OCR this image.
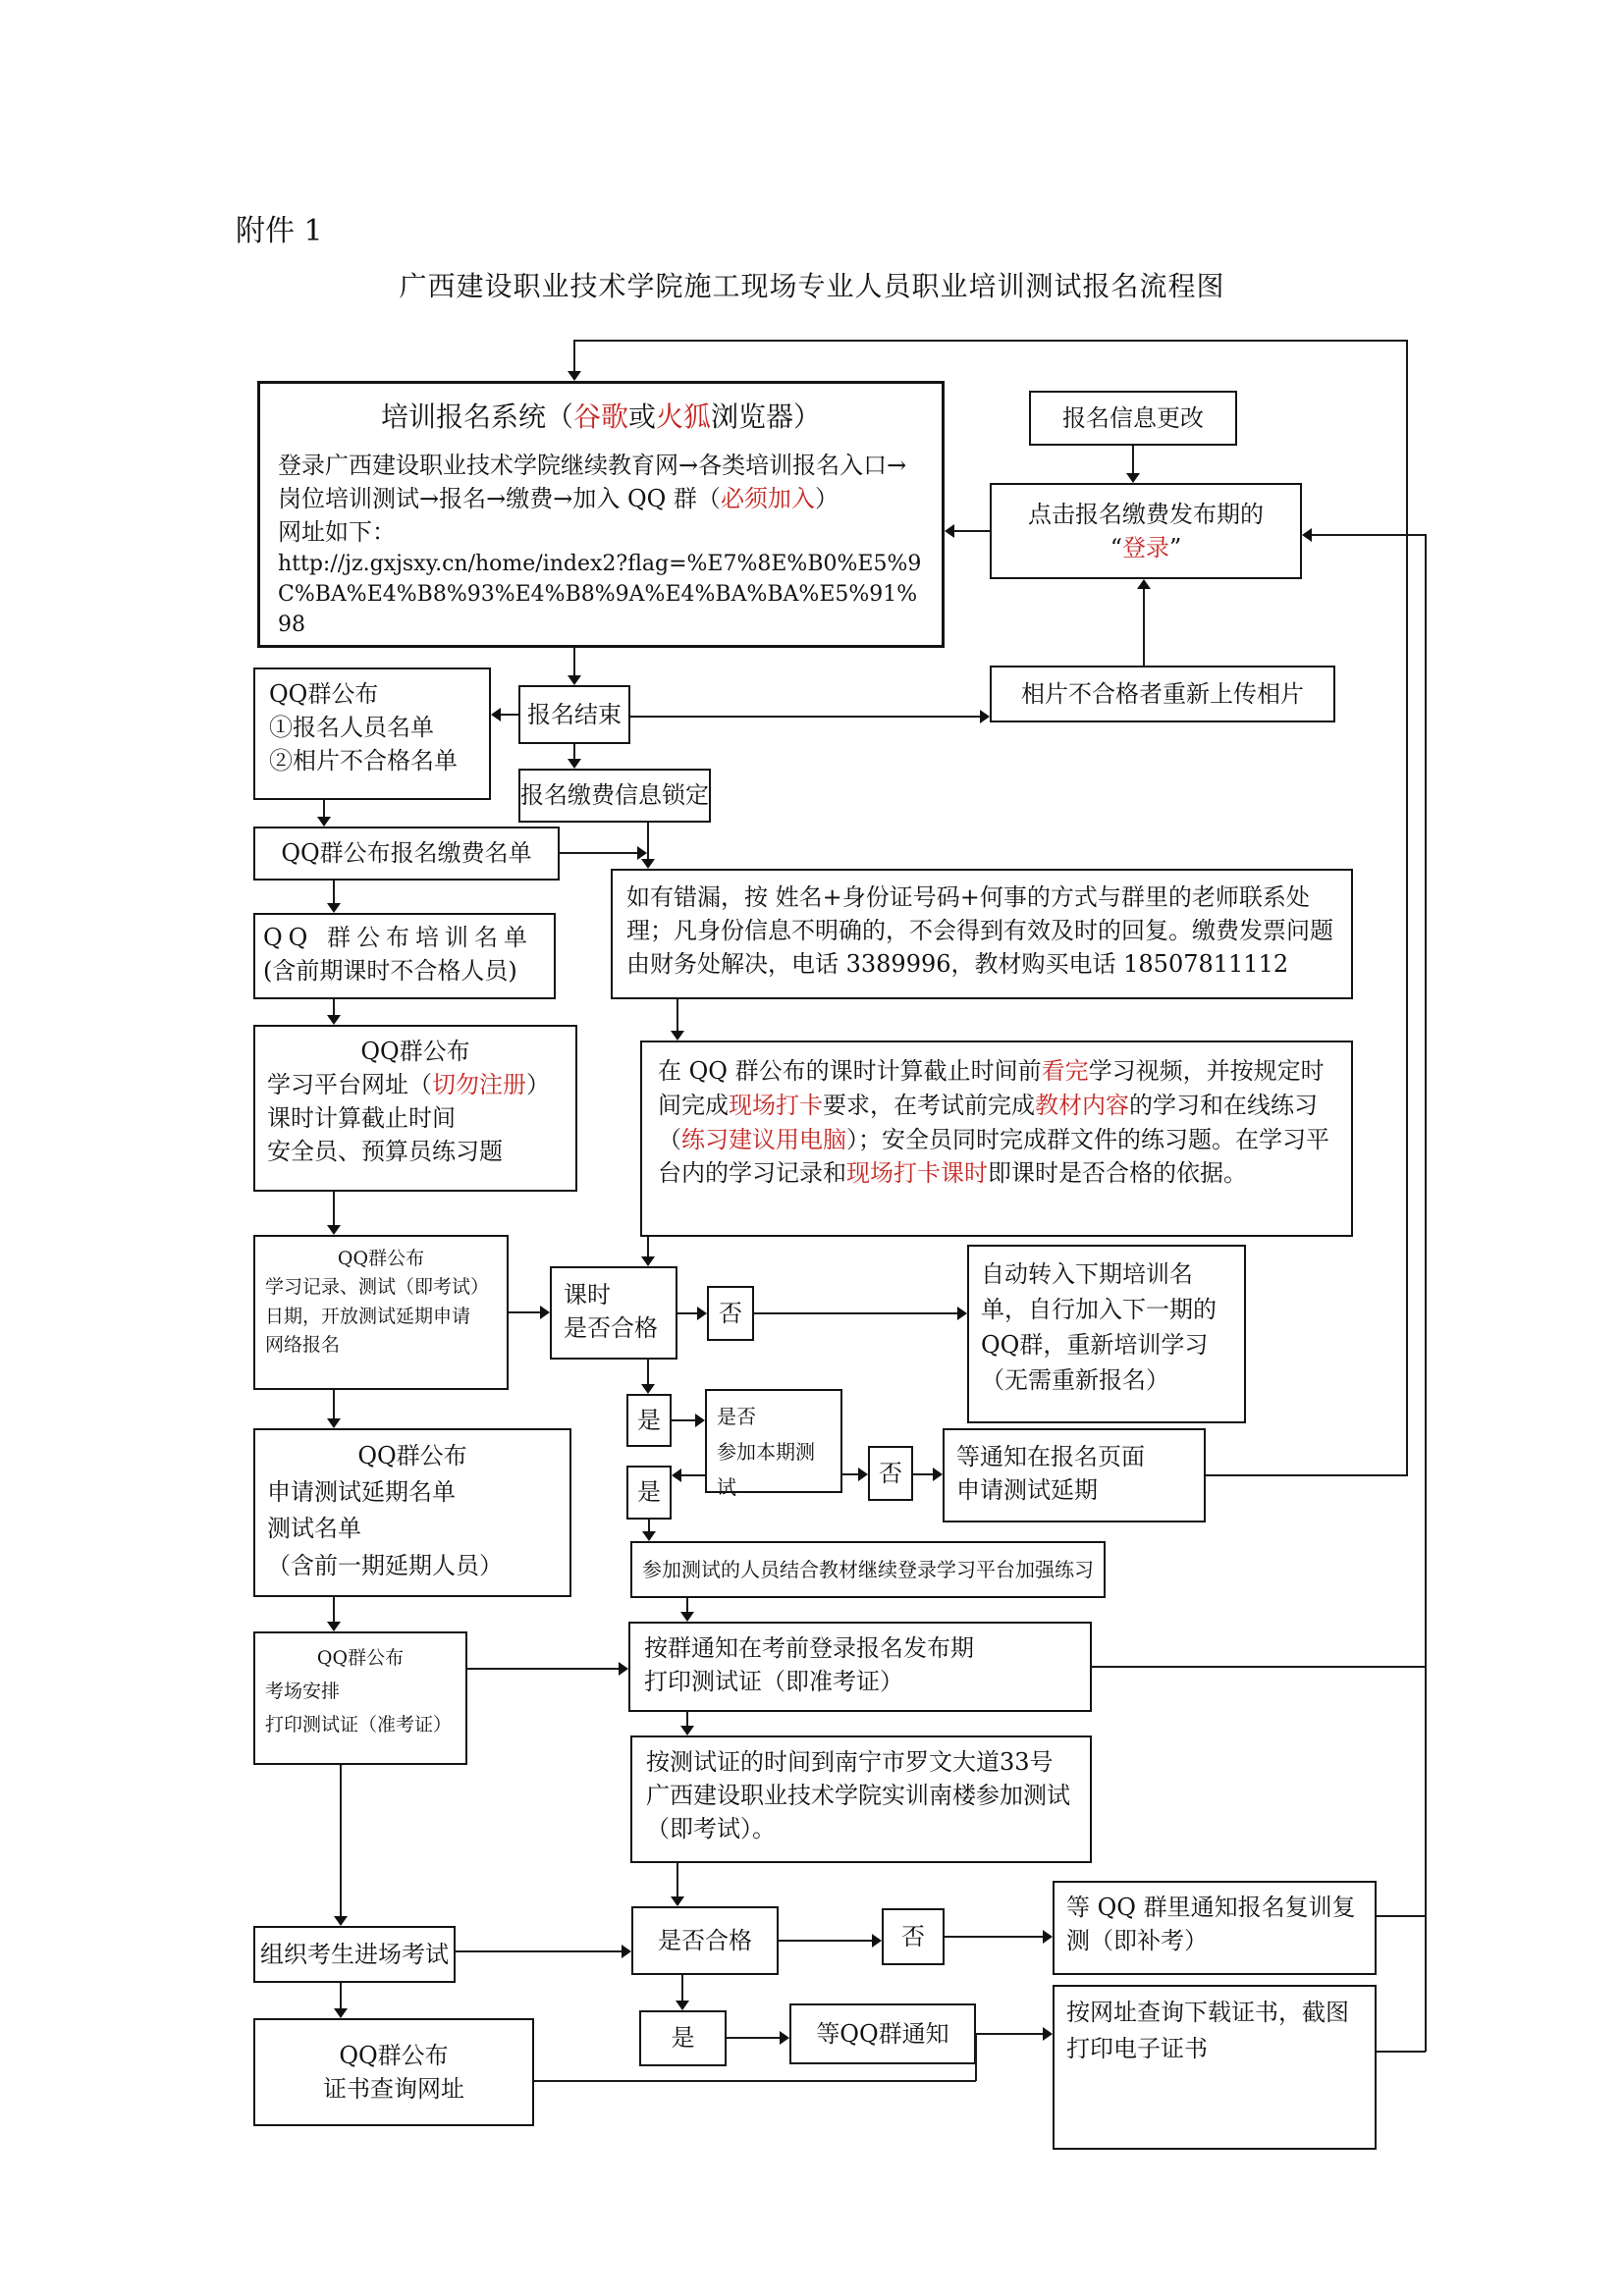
附件 1
广西建设职业技术学院施工现场专业人员职业培训测试报名流程图
培训报名系统（谷歌或火狐浏览器）
登录广西建设职业技术学院继续教育网→各类培训报名入口→岗位培训测试→报名→缴费→加入 QQ 群（必须加入）
网址如下：
http://jz.gxjsxy.cn/home/index2?flag=%E7%8E%B0%E5%9C%BA%E4%B8%93%E4%B8%9A%E4%BA%BA%E5%91%98
报名信息更改
点击报名缴费发布期的
“登录”
相片不合格者重新上传相片
QQ群公布
①报名人员名单
②相片不合格名单
报名结束
报名缴费信息锁定
QQ群公布报名缴费名单
QQ 群公布培训名单
(含前期课时不合格人员)
如有错漏，按 姓名+身份证号码+何事的方式与群里的老师联系处理；凡身份信息不明确的，不会得到有效及时的回复。缴费发票问题由财务处解决，电话 3389996，教材购买电话 18507811112
QQ群公布
学习平台网址（切勿注册）
课时计算截止时间
安全员、预算员练习题
在 QQ 群公布的课时计算截止时间前看完学习视频，并按规定时间完成现场打卡要求，在考试前完成教材内容的学习和在线练习（练习建议用电脑）；安全员同时完成群文件的练习题。在学习平台内的学习记录和现场打卡课时即课时是否合格的依据。
QQ群公布
学习记录、测试（即考试）
日期，开放测试延期申请
网络报名
课时
是否合格
否
自动转入下期培训名单，自行加入下一期的QQ群，重新培训学习（无需重新报名）
是	是否
参加本期测试
否
等通知在报名页面
申请测试延期
是
参加测试的人员结合教材继续登录学习平台加强练习
QQ群公布
申请测试延期名单
测试名单
（含前一期延期人员）
QQ群公布
考场安排
打印测试证（准考证）
按群通知在考前登录报名发布期
打印测试证（即准考证）
按测试证的时间到南宁市罗文大道33号广西建设职业技术学院实训南楼参加测试（即考试）。
组织考生进场考试	是否合格	否
等 QQ 群里通知报名复训复测（即补考）
QQ群公布
证书查询网址
是	等QQ群通知
按网址查询下载证书，截图打印电子证书
